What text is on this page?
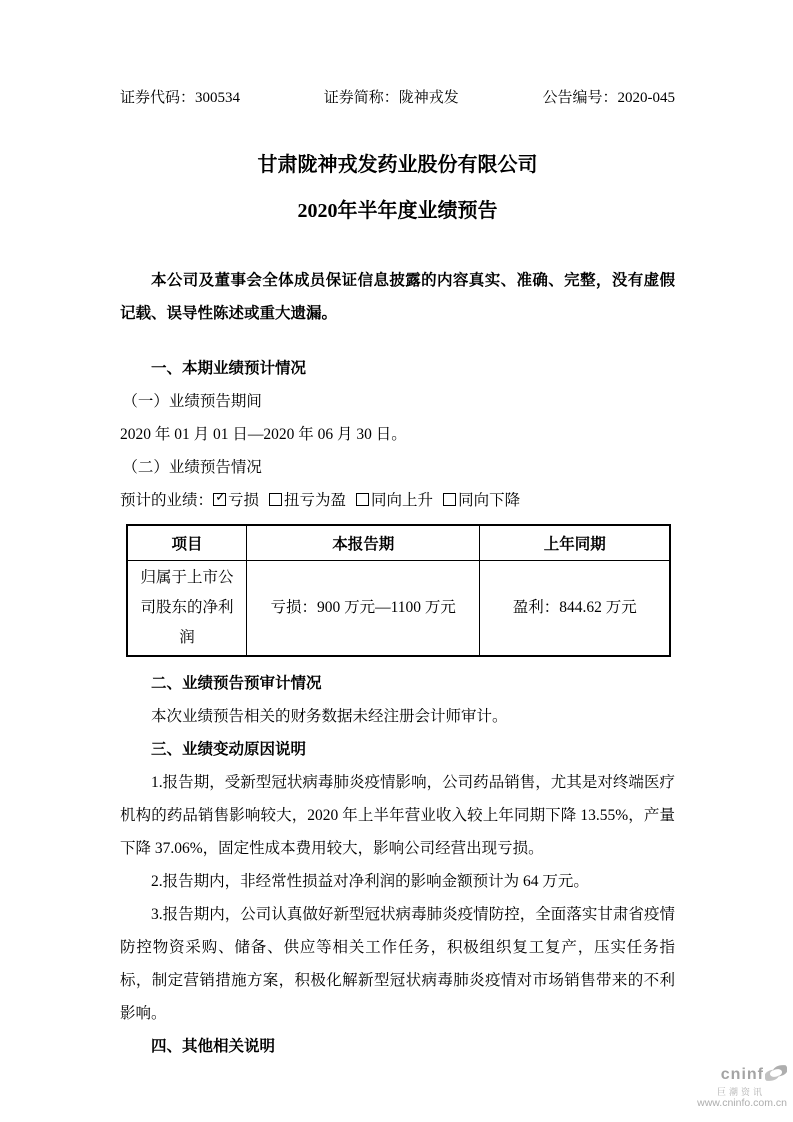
证券代码：300534	证券简称：陇神戎发	公告编号：2020-045
甘肃陇神戎发药业股份有限公司
2020年半年度业绩预告

本公司及董事会全体成员保证信息披露的内容真实、准确、完整，没有虚假记载、误导性陈述或重大遗漏。

一、本期业绩预计情况

（一）业绩预告期间

2020 年 01 月 01 日—2020 年 06 月 30 日。

（二）业绩预告情况

预计的业绩： ✓ 亏损 扭亏为盈 同向上升 同向下降

项目	本报告期	上年同期
归属于上市公司股东的净利润	亏损：900 万元—1100 万元	盈利：844.62 万元

二、业绩预告预审计情况

本次业绩预告相关的财务数据未经注册会计师审计。

三、业绩变动原因说明

1.报告期，受新型冠状病毒肺炎疫情影响，公司药品销售，尤其是对终端医疗机构的药品销售影响较大，2020 年上半年营业收入较上年同期下降 13.55%，产量下降 37.06%，固定性成本费用较大，影响公司经营出现亏损。

2.报告期内，非经常性损益对净利润的影响金额预计为 64 万元。

3.报告期内，公司认真做好新型冠状病毒肺炎疫情防控，全面落实甘肃省疫情防控物资采购、储备、供应等相关工作任务，积极组织复工复产，压实任务指标，制定营销措施方案，积极化解新型冠状病毒肺炎疫情对市场销售带来的不利影响。

四、其他相关说明

cninf
巨潮资讯
www.cninfo.com.cn
